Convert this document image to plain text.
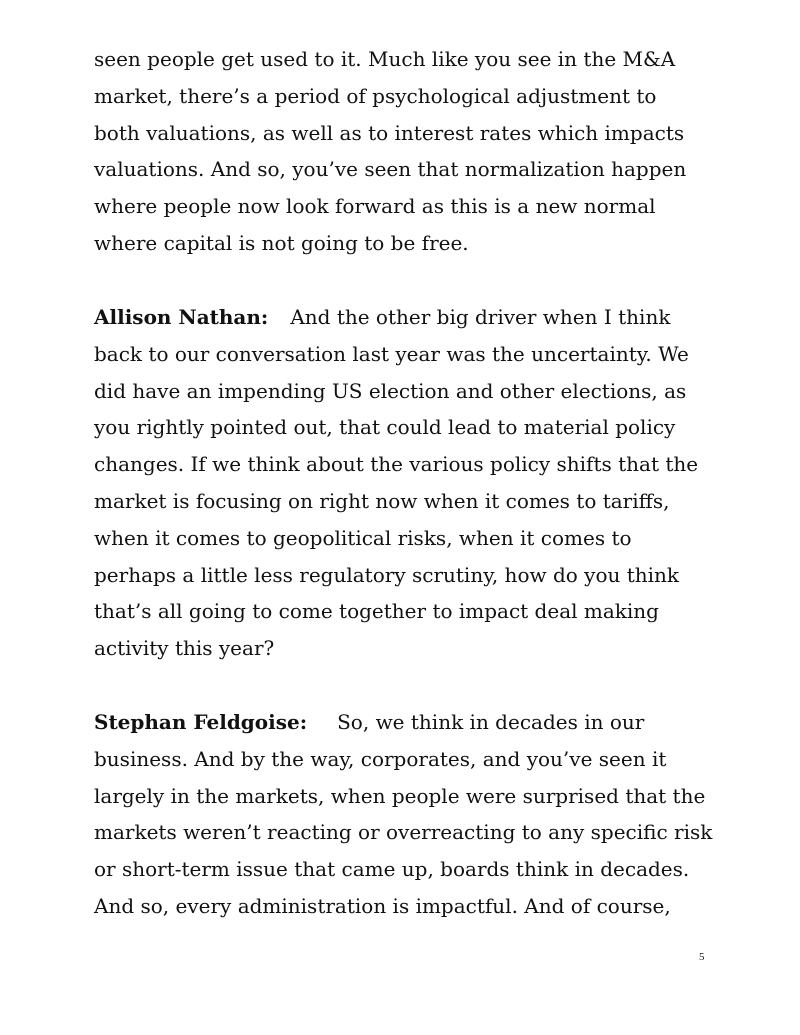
seen people get used to it. Much like you see in the M&A
market, there’s a period of psychological adjustment to
both valuations, as well as to interest rates which impacts
valuations. And so, you’ve seen that normalization happen
where people now look forward as this is a new normal
where capital is not going to be free.
Allison Nathan: And the other big driver when I think
back to our conversation last year was the uncertainty. We
did have an impending US election and other elections, as
you rightly pointed out, that could lead to material policy
changes. If we think about the various policy shifts that the
market is focusing on right now when it comes to tariffs,
when it comes to geopolitical risks, when it comes to
perhaps a little less regulatory scrutiny, how do you think
that’s all going to come together to impact deal making
activity this year?
Stephan Feldgoise: So, we think in decades in our
business. And by the way, corporates, and you’ve seen it
largely in the markets, when people were surprised that the
markets weren’t reacting or overreacting to any specific risk
or short-term issue that came up, boards think in decades.
And so, every administration is impactful. And of course,
5
